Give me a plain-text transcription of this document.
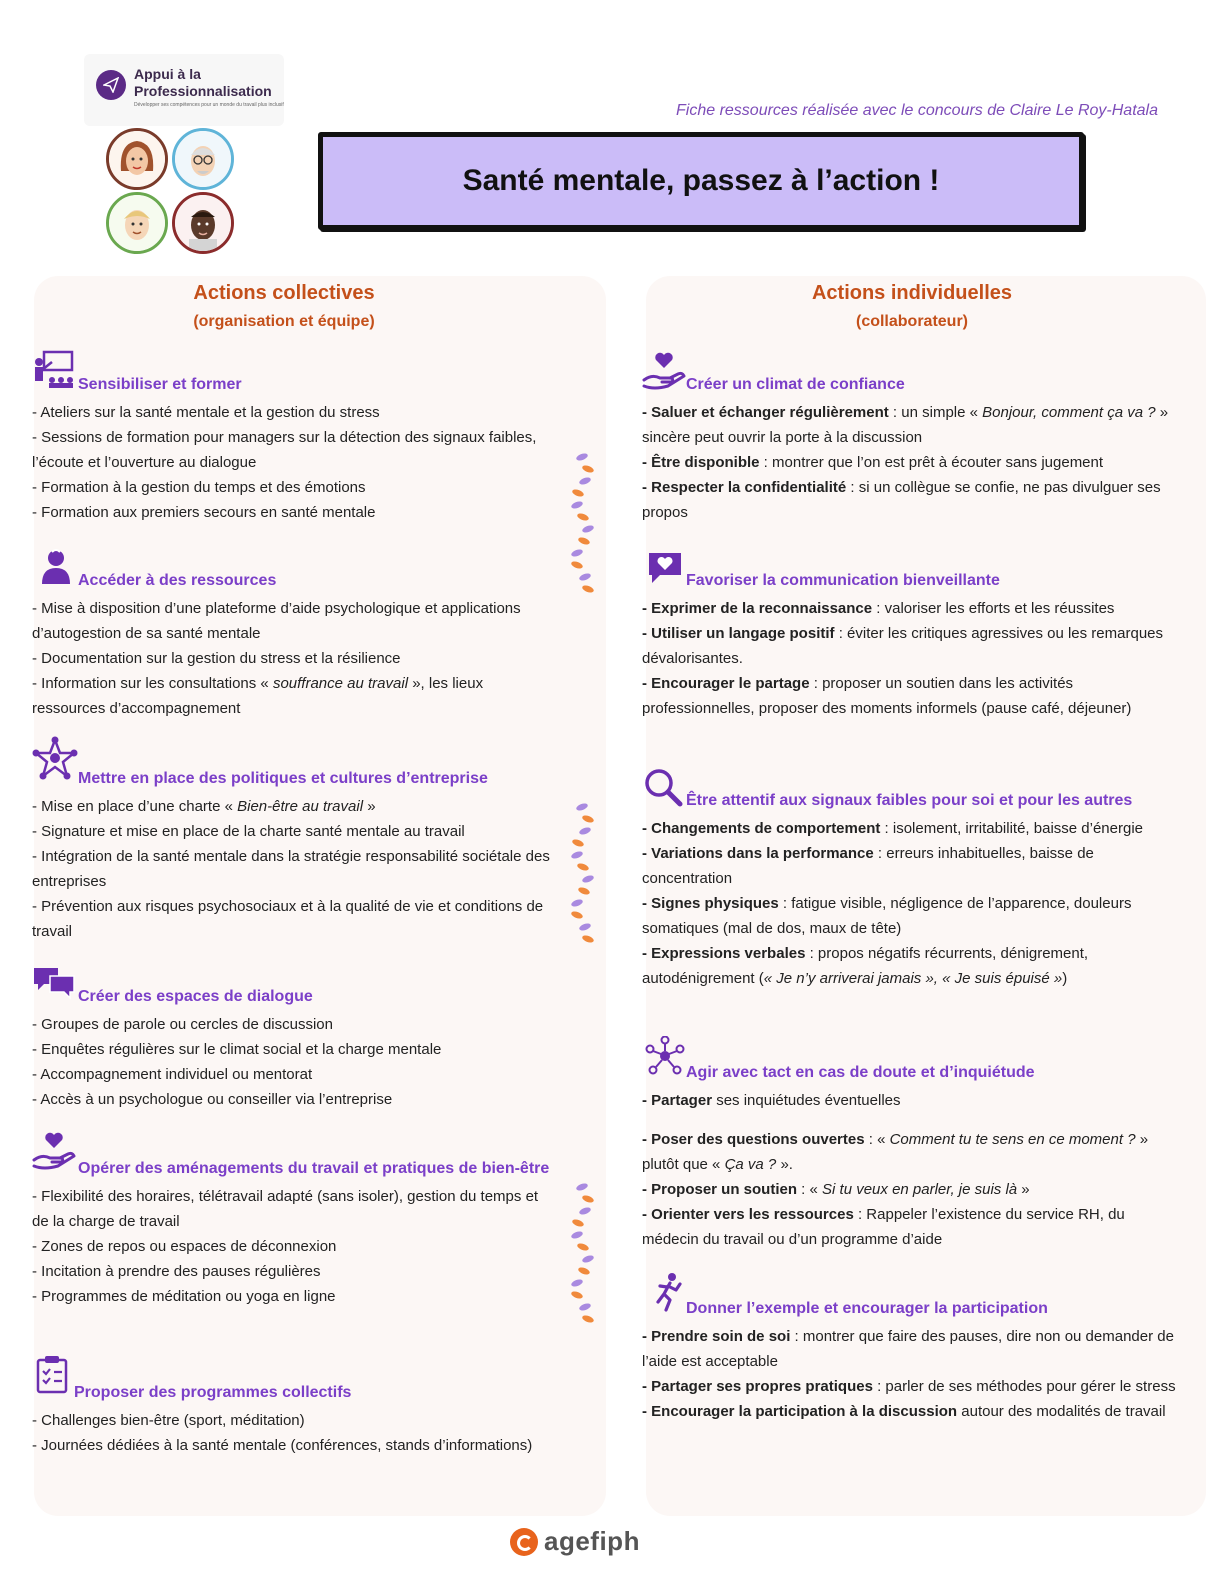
Appui à la
Professionnalisation
Développer ses compétences pour un monde du travail plus inclusif	Fiche ressources réalisée avec le concours de Claire Le Roy-Hatala
Santé mentale, passez à l’action !
Actions collectives
(organisation et équipe)
Actions individuelles
(collaborateur)
Sensibiliser et former
- Ateliers sur la santé mentale et la gestion du stress
- Sessions de formation pour managers sur la détection des signaux faibles, l’écoute et l’ouverture au dialogue
- Formation à la gestion du temps et des émotions
- Formation aux premiers secours en santé mentale
Accéder à des ressources
- Mise à disposition d’une plateforme d’aide psychologique et applications d’autogestion de sa santé mentale
- Documentation sur la gestion du stress et la résilience
- Information sur les consultations « souffrance au travail », les lieux ressources d’accompagnement
Mettre en place des politiques et cultures d’entreprise
- Mise en place d’une charte « Bien-être au travail »
- Signature et mise en place de la charte santé mentale au travail
- Intégration de la santé mentale dans la stratégie responsabilité sociétale des entreprises
- Prévention aux risques psychosociaux et à la qualité de vie et conditions de travail
Créer des espaces de dialogue
- Groupes de parole ou cercles de discussion
- Enquêtes régulières sur le climat social et la charge mentale
- Accompagnement individuel ou mentorat
- Accès à un psychologue ou conseiller via l’entreprise
Opérer des aménagements du travail et pratiques de bien-être
- Flexibilité des horaires, télétravail adapté (sans isoler), gestion du temps et de la charge de travail
- Zones de repos ou espaces de déconnexion
- Incitation à prendre des pauses régulières
- Programmes de méditation ou yoga en ligne
Proposer des programmes collectifs
- Challenges bien-être (sport, méditation)
- Journées dédiées à la santé mentale (conférences, stands d’informations)
Créer un climat de confiance
- Saluer et échanger régulièrement : un simple « Bonjour, comment ça va ? » sincère peut ouvrir la porte à la discussion
- Être disponible : montrer que l’on est prêt à écouter sans jugement
- Respecter la confidentialité : si un collègue se confie, ne pas divulguer ses propos
Favoriser la communication bienveillante
- Exprimer de la reconnaissance : valoriser les efforts et les réussites
- Utiliser un langage positif : éviter les critiques agressives ou les remarques dévalorisantes.
- Encourager le partage : proposer un soutien dans les activités professionnelles, proposer des moments informels (pause café, déjeuner)
Être attentif aux signaux faibles pour soi et pour les autres
- Changements de comportement : isolement, irritabilité, baisse d’énergie
- Variations dans la performance : erreurs inhabituelles, baisse de concentration
- Signes physiques : fatigue visible, négligence de l’apparence, douleurs somatiques (mal de dos, maux de tête)
- Expressions verbales : propos négatifs récurrents, dénigrement, autodénigrement (« Je n’y arriverai jamais », « Je suis épuisé »)
Agir avec tact en cas de doute et d’inquiétude
- Partager ses inquiétudes éventuelles
- Poser des questions ouvertes : « Comment tu te sens en ce moment ? » plutôt que « Ça va ? ».
- Proposer un soutien : « Si tu veux en parler, je suis là »
- Orienter vers les ressources : Rappeler l’existence du service RH, du médecin du travail ou d’un programme d’aide
Donner l’exemple et encourager la participation
- Prendre soin de soi : montrer que faire des pauses, dire non ou demander de l’aide est acceptable
- Partager ses propres pratiques : parler de ses méthodes pour gérer le stress
- Encourager la participation à la discussion autour des modalités de travail
agefiph
